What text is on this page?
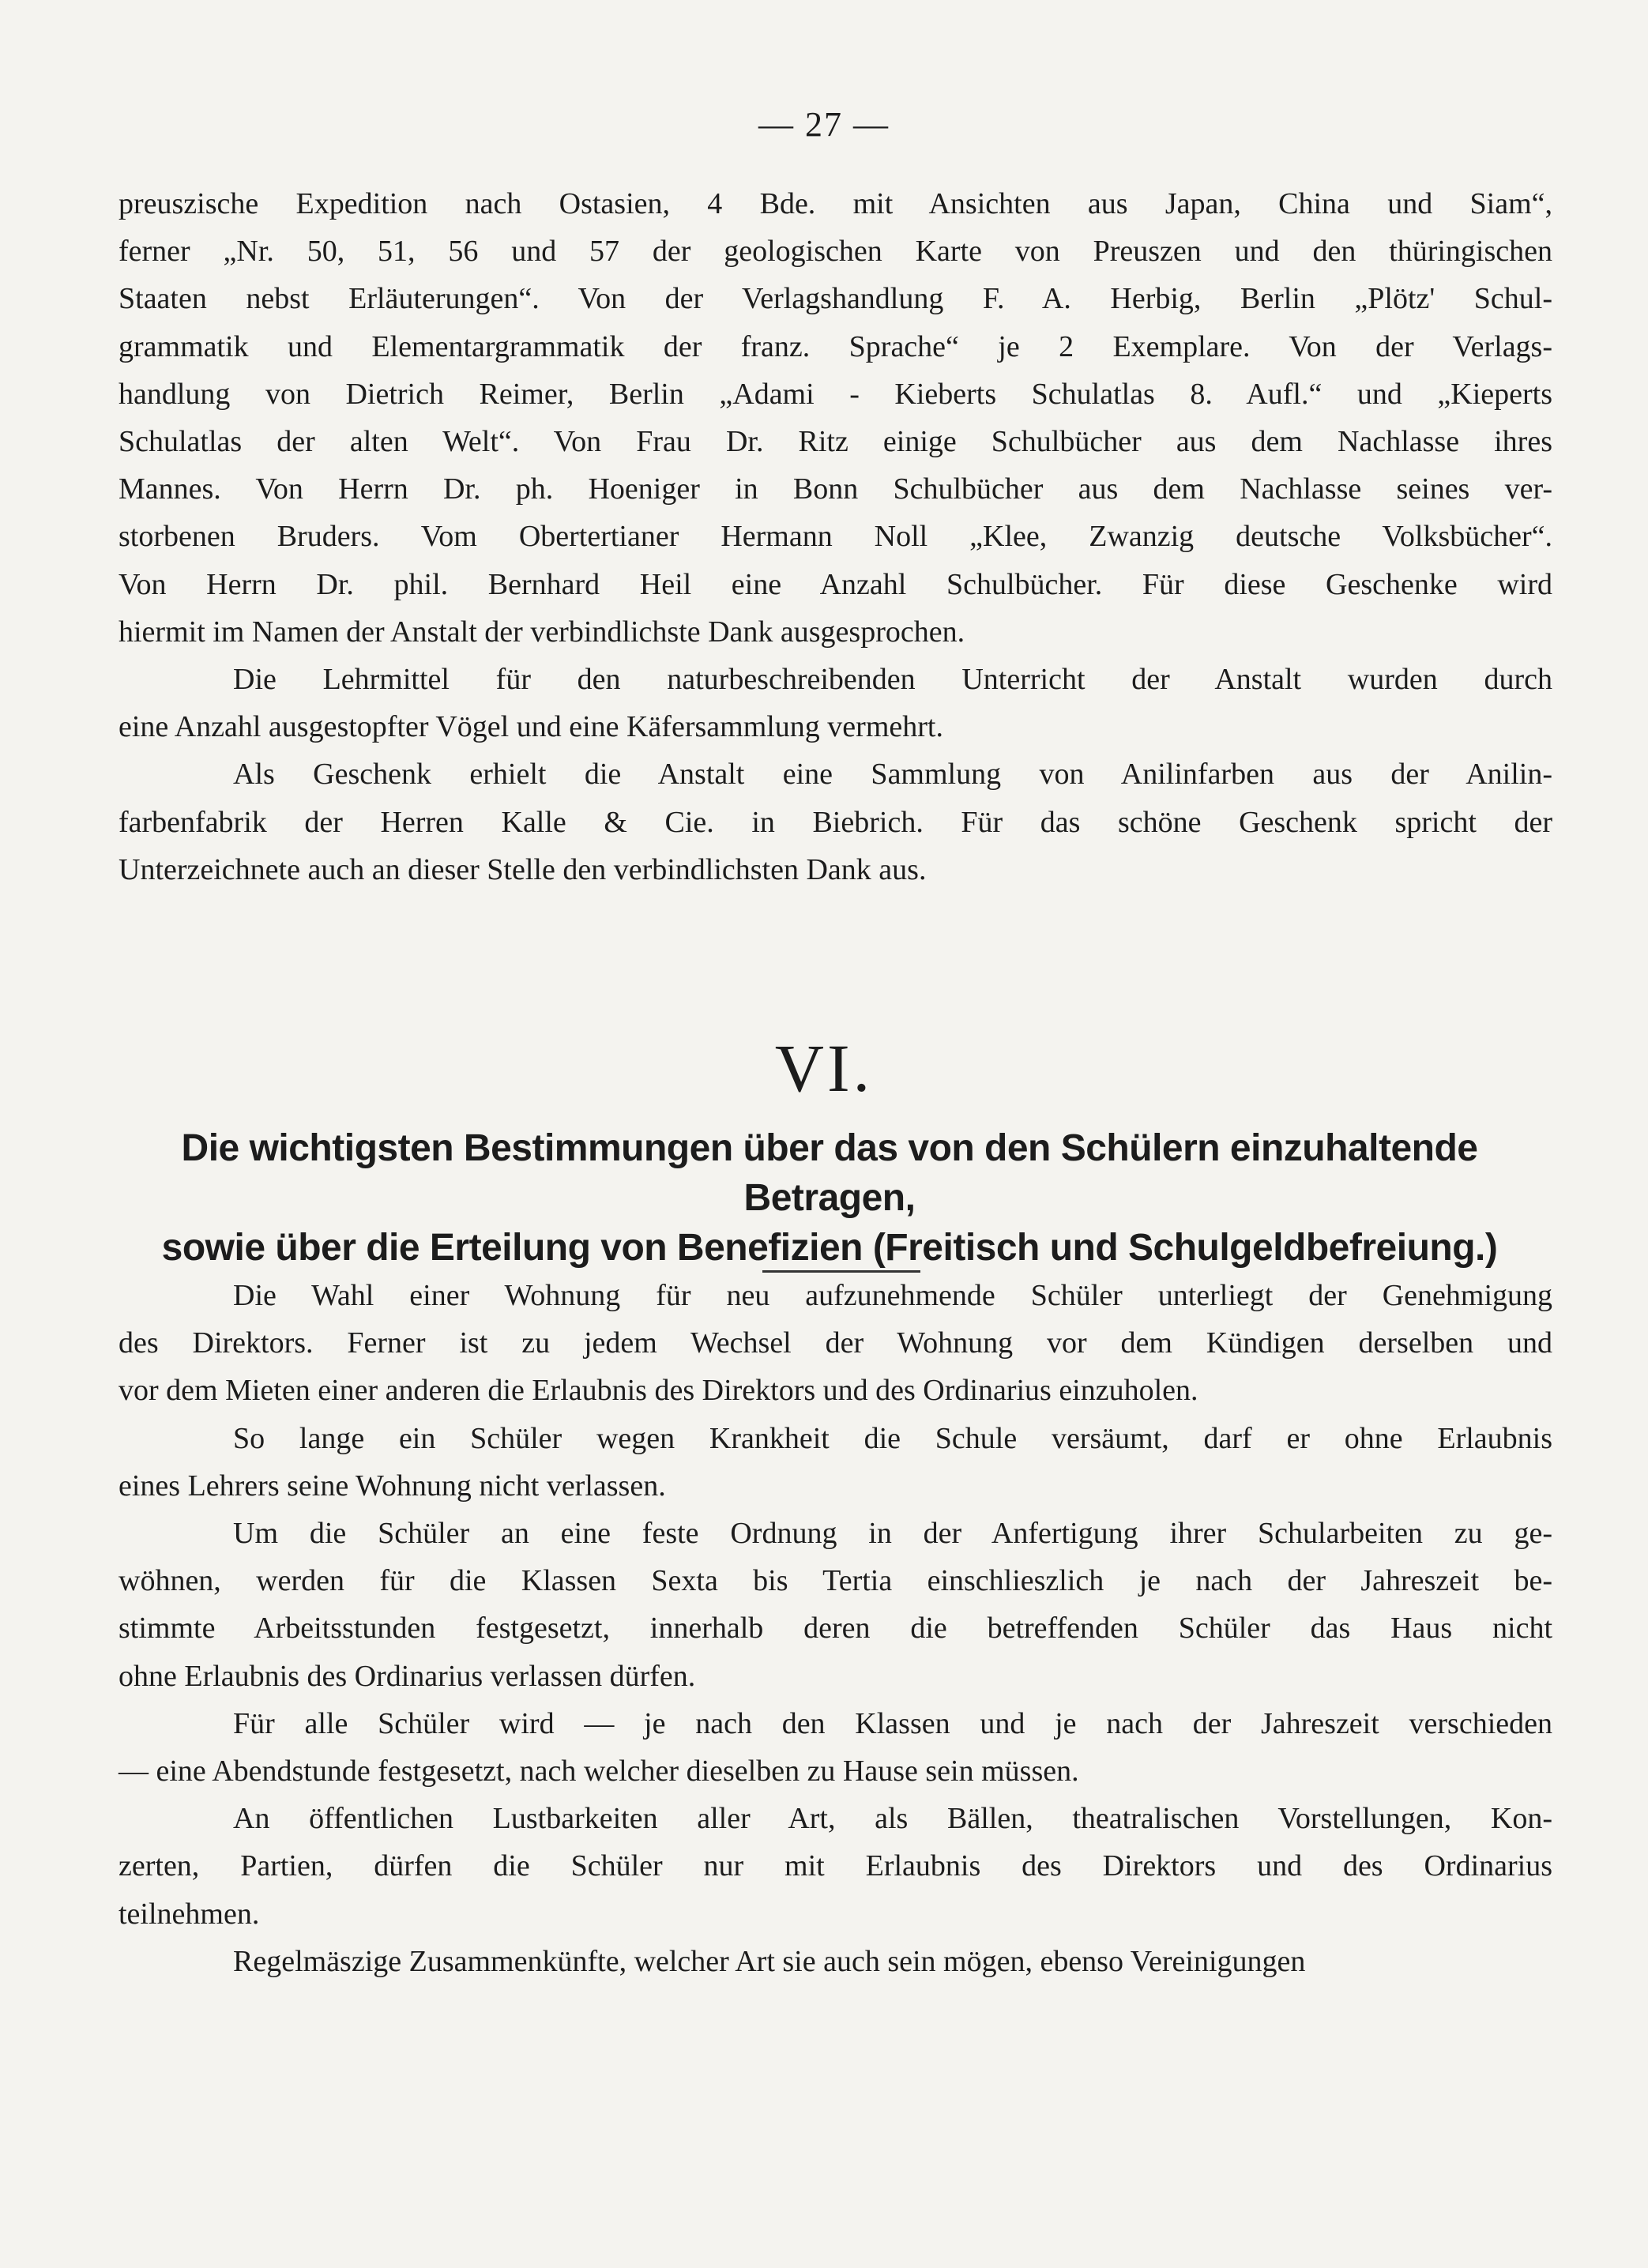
— 27 —

preuszische Expedition nach Ostasien, 4 Bde. mit Ansichten aus Japan, China und Siam“,

ferner „Nr. 50, 51, 56 und 57 der geologischen Karte von Preuszen und den thüringischen

Staaten nebst Erläuterungen“. Von der Verlagshandlung F. A. Herbig, Berlin „Plötz' Schul-

grammatik und Elementargrammatik der franz. Sprache“ je 2 Exemplare. Von der Verlags-

handlung von Dietrich Reimer, Berlin „Adami - Kieberts Schulatlas 8. Aufl.“ und „Kieperts

Schulatlas der alten Welt“. Von Frau Dr. Ritz einige Schulbücher aus dem Nachlasse ihres

Mannes. Von Herrn Dr. ph. Hoeniger in Bonn Schulbücher aus dem Nachlasse seines ver-

storbenen Bruders. Vom Obertertianer Hermann Noll „Klee, Zwanzig deutsche Volksbücher“.

Von Herrn Dr. phil. Bernhard Heil eine Anzahl Schulbücher. Für diese Geschenke wird

hiermit im Namen der Anstalt der verbindlichste Dank ausgesprochen.

Die Lehrmittel für den naturbeschreibenden Unterricht der Anstalt wurden durch

eine Anzahl ausgestopfter Vögel und eine Käfersammlung vermehrt.

Als Geschenk erhielt die Anstalt eine Sammlung von Anilinfarben aus der Anilin-

farbenfabrik der Herren Kalle & Cie. in Biebrich. Für das schöne Geschenk spricht der

Unterzeichnete auch an dieser Stelle den verbindlichsten Dank aus.

VI.
Die wichtigsten Bestimmungen über das von den Schülern einzuhaltende Betragen,
sowie über die Erteilung von Benefizien (Freitisch und Schulgeldbefreiung.)

Die Wahl einer Wohnung für neu aufzunehmende Schüler unterliegt der Genehmigung

des Direktors. Ferner ist zu jedem Wechsel der Wohnung vor dem Kündigen derselben und

vor dem Mieten einer anderen die Erlaubnis des Direktors und des Ordinarius einzuholen.

So lange ein Schüler wegen Krankheit die Schule versäumt, darf er ohne Erlaubnis

eines Lehrers seine Wohnung nicht verlassen.

Um die Schüler an eine feste Ordnung in der Anfertigung ihrer Schularbeiten zu ge-

wöhnen, werden für die Klassen Sexta bis Tertia einschlieszlich je nach der Jahreszeit be-

stimmte Arbeitsstunden festgesetzt, innerhalb deren die betreffenden Schüler das Haus nicht

ohne Erlaubnis des Ordinarius verlassen dürfen.

Für alle Schüler wird — je nach den Klassen und je nach der Jahreszeit verschieden

— eine Abendstunde festgesetzt, nach welcher dieselben zu Hause sein müssen.

An öffentlichen Lustbarkeiten aller Art, als Bällen, theatralischen Vorstellungen, Kon-

zerten, Partien, dürfen die Schüler nur mit Erlaubnis des Direktors und des Ordinarius

teilnehmen.

Regelmäszige Zusammenkünfte, welcher Art sie auch sein mögen, ebenso Vereinigungen
